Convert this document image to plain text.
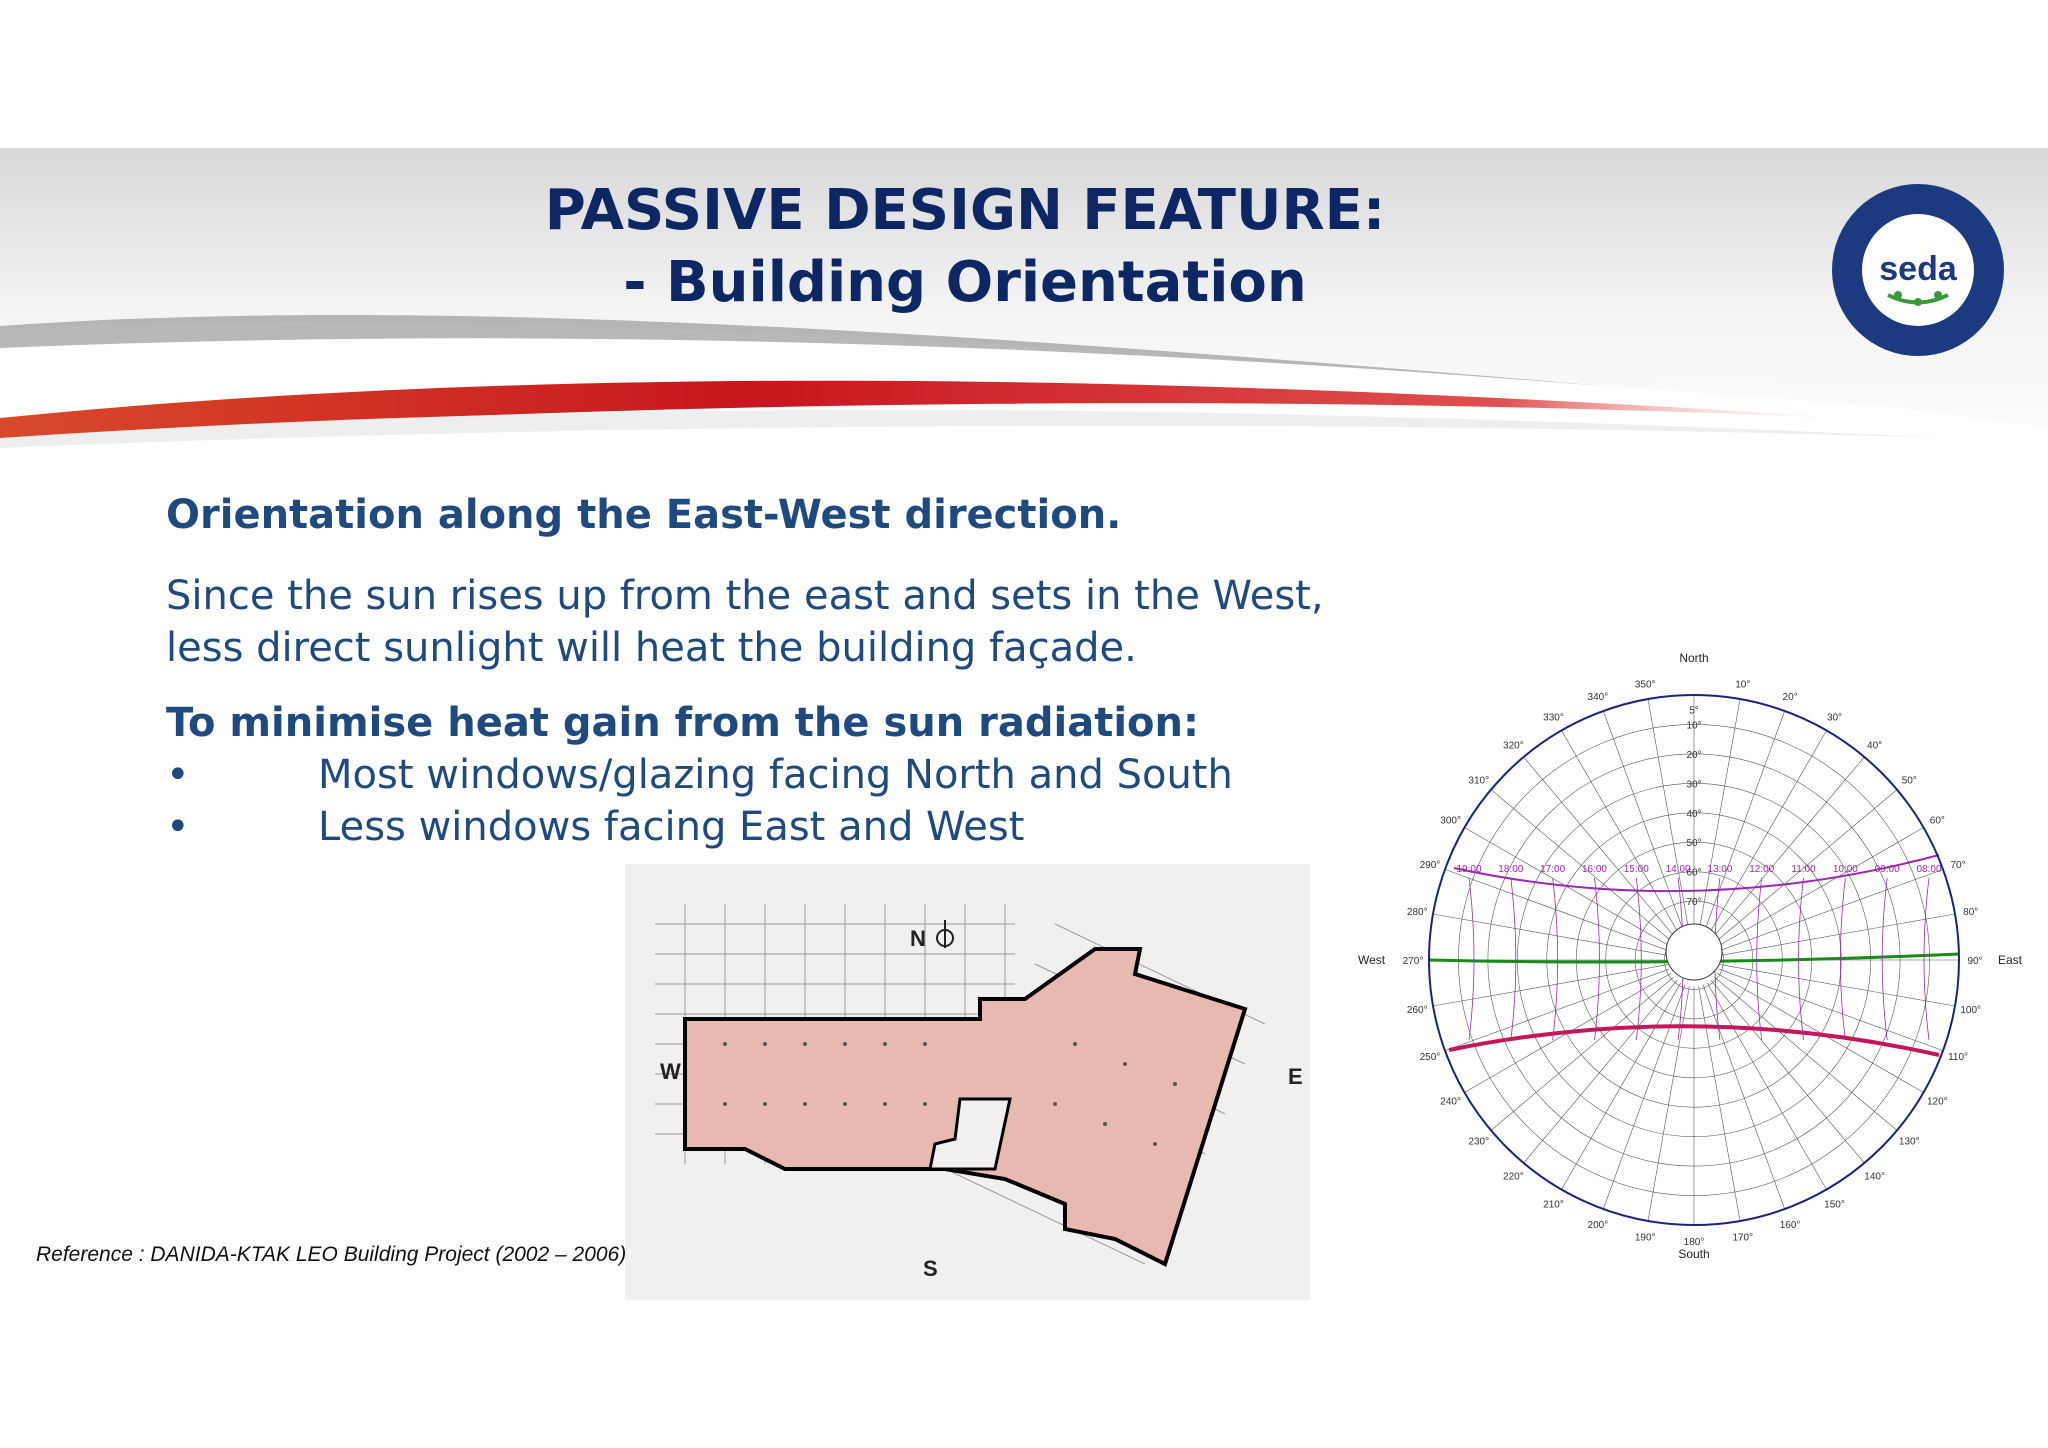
PASSIVE DESIGN FEATURE:
- Building Orientation	seda
Orientation along the East-West direction.
Since the sun rises up from the east and sets in the West,
less direct sunlight will heat the building façade.
To minimise heat gain from the sun radiation:
•	Most windows/glazing facing North and South
•	Less windows facing East and West
N
W	E
S
North
South
West	East
350°
340°
330°
320°
310°
300°
290°
280°
270°
260°
250°
240°
230°
220°
210°
200°
190°	180°	170°
160°
150°
140°
130°
120°
110°
100°
90°
80°
70°
60°
50°
40°
30°
20°
10°
5°
10°
20°
30°
40°
50°
60°
70°
19:00 18:00 17:00 16:00 15:00 14:00 13:00 12:00 11:00 10:00 09:00 08:00
Reference : DANIDA-KTAK LEO Building Project (2002 – 2006)
